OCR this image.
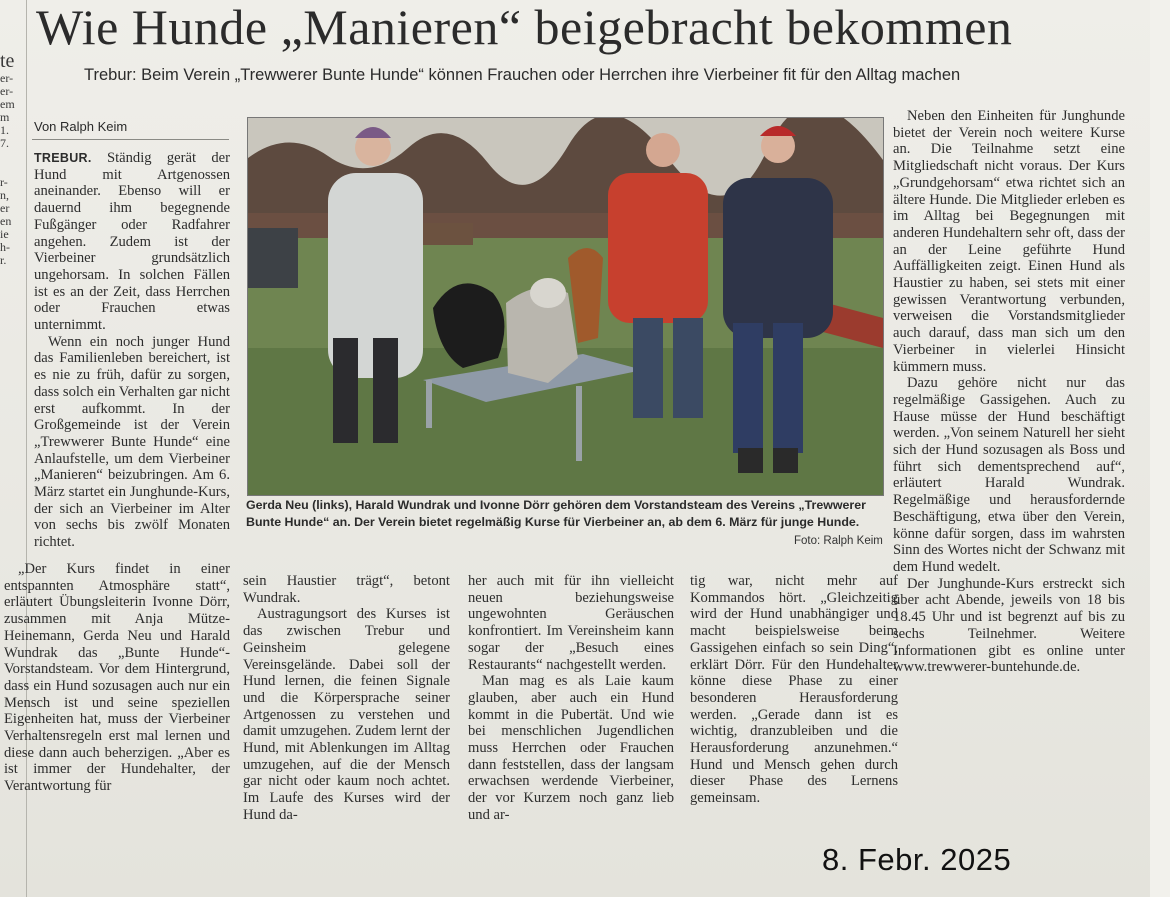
te
er-
er-
em
m
1.
7.
r-
n,
er
en
ie
h-
r.
Wie Hunde „Manieren“ beigebracht bekommen
Trebur: Beim Verein „Trewwerer Bunte Hunde“ können Frauchen oder Herrchen ihre Vierbeiner fit für den Alltag machen
Von Ralph Keim

TREBUR. Ständig gerät der Hund mit Artgenossen aneinander. Ebenso will er dauernd ihm begegnende Fußgänger oder Radfahrer angehen. Zudem ist der Vierbeiner grundsätzlich ungehorsam. In solchen Fällen ist es an der Zeit, dass Herrchen oder Frauchen etwas unternimmt.

Wenn ein noch junger Hund das Familienleben bereichert, ist es nie zu früh, dafür zu sorgen, dass solch ein Verhalten gar nicht erst aufkommt. In der Großgemeinde ist der Verein „Trewwerer Bunte Hunde“ eine Anlaufstelle, um dem Vierbeiner „Manieren“ beizubringen. Am 6. März startet ein Junghunde-Kurs, der sich an Vierbeiner im Alter von sechs bis zwölf Monaten richtet.

„Der Kurs findet in einer entspannten Atmosphäre statt“, erläutert Übungsleiterin Ivonne Dörr, zusammen mit Anja Mütze-Heinemann, Gerda Neu und Harald Wundrak das „Bunte Hunde“-Vorstandsteam. Vor dem Hintergrund, dass ein Hund sozusagen auch nur ein Mensch ist und seine speziellen Eigenheiten hat, muss der Vierbeiner Verhaltensregeln erst mal lernen und diese dann auch beherzigen. „Aber es ist immer der Hundehalter, der Verantwortung für

Gerda Neu (links), Harald Wundrak und Ivonne Dörr gehören dem Vorstandsteam des Vereins „Trewwerer Bunte Hunde“ an. Der Verein bietet regelmäßig Kurse für Vierbeiner an, ab dem 6. März für junge Hunde.
Foto: Ralph Keim

sein Haustier trägt“, betont Wundrak.

Austragungsort des Kurses ist das zwischen Trebur und Geinsheim gelegene Vereinsgelände. Dabei soll der Hund lernen, die feinen Signale und die Körpersprache seiner Artgenossen zu verstehen und damit umzugehen. Zudem lernt der Hund, mit Ablenkungen im Alltag umzugehen, auf die der Mensch gar nicht oder kaum noch achtet. Im Laufe des Kurses wird der Hund da-

her auch mit für ihn vielleicht neuen beziehungsweise ungewohnten Geräuschen konfrontiert. Im Vereinsheim kann sogar der „Besuch eines Restaurants“ nachgestellt werden.

Man mag es als Laie kaum glauben, aber auch ein Hund kommt in die Pubertät. Und wie bei menschlichen Jugendlichen muss Herrchen oder Frauchen dann feststellen, dass der langsam erwachsen werdende Vierbeiner, der vor Kurzem noch ganz lieb und ar-

tig war, nicht mehr auf Kommandos hört. „Gleichzeitig wird der Hund unabhängiger und macht beispielsweise beim Gassigehen einfach so sein Ding“, erklärt Dörr. Für den Hundehalter könne diese Phase zu einer besonderen Herausforderung werden. „Gerade dann ist es wichtig, dranzubleiben und die Herausforderung anzunehmen.“ Hund und Mensch gehen durch dieser Phase des Lernens gemeinsam.

Neben den Einheiten für Junghunde bietet der Verein noch weitere Kurse an. Die Teilnahme setzt eine Mitgliedschaft nicht voraus. Der Kurs „Grundgehorsam“ etwa richtet sich an ältere Hunde. Die Mitglieder erleben es im Alltag bei Begegnungen mit anderen Hundehaltern sehr oft, dass der an der Leine geführte Hund Auffälligkeiten zeigt. Einen Hund als Haustier zu haben, sei stets mit einer gewissen Verantwortung verbunden, verweisen die Vorstandsmitglieder auch darauf, dass man sich um den Vierbeiner in vielerlei Hinsicht kümmern muss.

Dazu gehöre nicht nur das regelmäßige Gassigehen. Auch zu Hause müsse der Hund beschäftigt werden. „Von seinem Naturell her sieht sich der Hund sozusagen als Boss und führt sich dementsprechend auf“, erläutert Harald Wundrak. Regelmäßige und herausfordernde Beschäftigung, etwa über den Verein, könne dafür sorgen, dass im wahrsten Sinn des Wortes nicht der Schwanz mit dem Hund wedelt.

Der Junghunde-Kurs erstreckt sich über acht Abende, jeweils von 18 bis 18.45 Uhr und ist begrenzt auf bis zu sechs Teilnehmer. Weitere Informationen gibt es online unter www.trewwerer-buntehunde.de.

8. Febr. 2025
